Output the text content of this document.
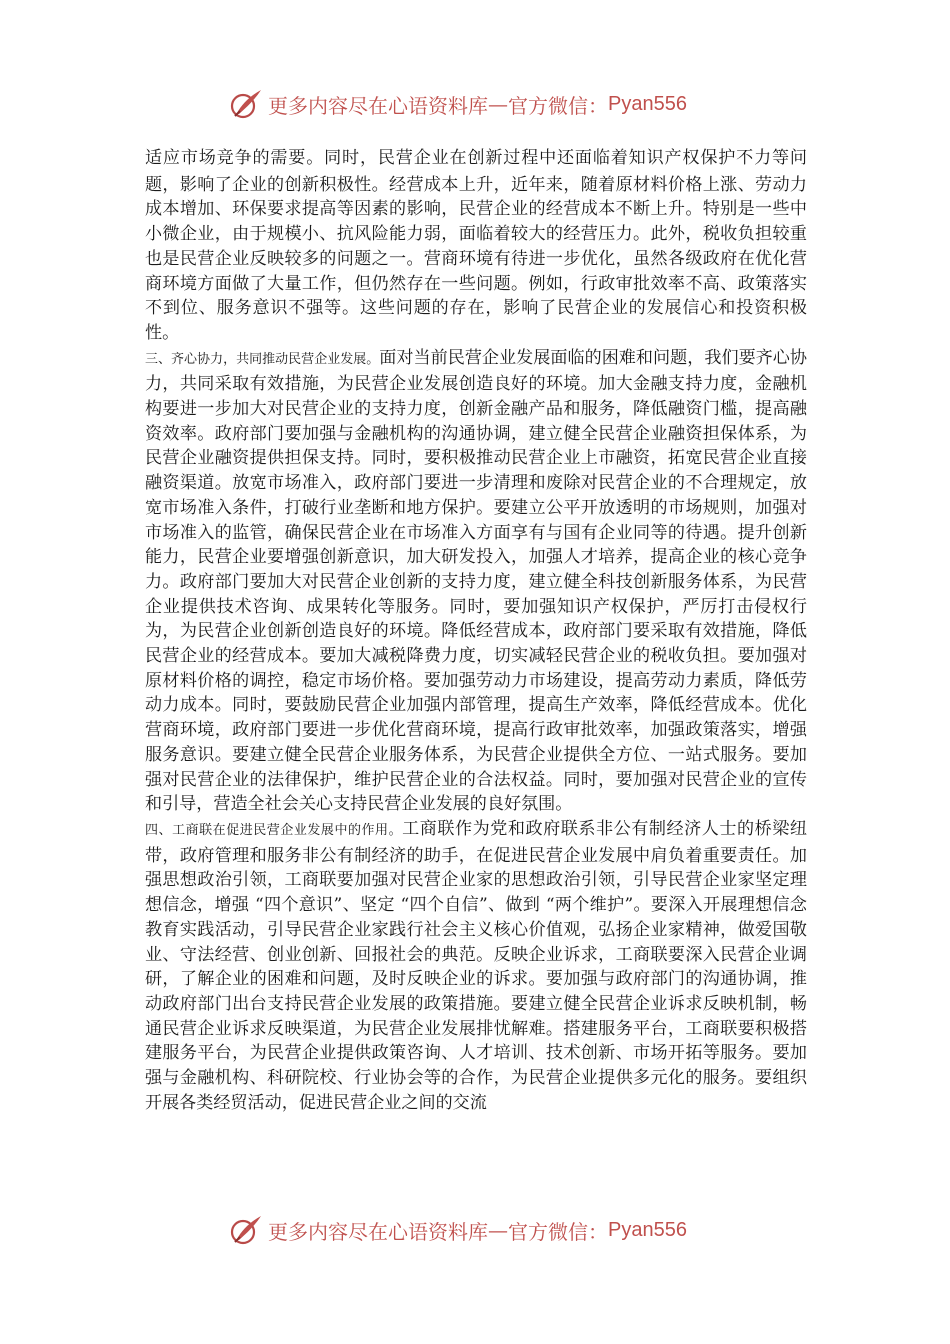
更多内容尽在心语资料库 — 官方微信： Pyan556

适应市场竞争的需要。同时，民营企业在创新过程中还面临着知识产权保护不力等问题，影响了企业的创新积极性。经营成本上升，近年来，随着原材料价格上涨、劳动力成本增加、环保要求提高等因素的影响，民营企业的经营成本不断上升。特别是一些中小微企业，由于规模小、抗风险能力弱，面临着较大的经营压力。此外，税收负担较重也是民营企业反映较多的问题之一。营商环境有待进一步优化，虽然各级政府在优化营商环境方面做了大量工作，但仍然存在一些问题。例如，行政审批效率不高、政策落实不到位、服务意识不强等。这些问题的存在，影响了民营企业的发展信心和投资积极性。

三、齐心协力，共同推动民营企业发展。面对当前民营企业发展面临的困难和问题，我们要齐心协力，共同采取有效措施，为民营企业发展创造良好的环境。加大金融支持力度，金融机构要进一步加大对民营企业的支持力度，创新金融产品和服务，降低融资门槛，提高融资效率。政府部门要加强与金融机构的沟通协调，建立健全民营企业融资担保体系，为民营企业融资提供担保支持。同时，要积极推动民营企业上市融资，拓宽民营企业直接融资渠道。放宽市场准入，政府部门要进一步清理和废除对民营企业的不合理规定，放宽市场准入条件，打破行业垄断和地方保护。要建立公平开放透明的市场规则，加强对市场准入的监管，确保民营企业在市场准入方面享有与国有企业同等的待遇。提升创新能力，民营企业要增强创新意识，加大研发投入，加强人才培养，提高企业的核心竞争力。政府部门要加大对民营企业创新的支持力度，建立健全科技创新服务体系，为民营企业提供技术咨询、成果转化等服务。同时，要加强知识产权保护，严厉打击侵权行为，为民营企业创新创造良好的环境。降低经营成本，政府部门要采取有效措施，降低民营企业的经营成本。要加大减税降费力度，切实减轻民营企业的税收负担。要加强对原材料价格的调控，稳定市场价格。要加强劳动力市场建设，提高劳动力素质，降低劳动力成本。同时，要鼓励民营企业加强内部管理，提高生产效率，降低经营成本。优化营商环境，政府部门要进一步优化营商环境，提高行政审批效率，加强政策落实，增强服务意识。要建立健全民营企业服务体系，为民营企业提供全方位、一站式服务。要加强对民营企业的法律保护，维护民营企业的合法权益。同时，要加强对民营企业的宣传和引导，营造全社会关心支持民营企业发展的良好氛围。

四、工商联在促进民营企业发展中的作用。工商联作为党和政府联系非公有制经济人士的桥梁纽带，政府管理和服务非公有制经济的助手，在促进民营企业发展中肩负着重要责任。加强思想政治引领，工商联要加强对民营企业家的思想政治引领，引导民营企业家坚定理想信念，增强 “四个意识”、坚定 “四个自信”、做到 “两个维护”。要深入开展理想信念教育实践活动，引导民营企业家践行社会主义核心价值观，弘扬企业家精神，做爱国敬业、守法经营、创业创新、回报社会的典范。反映企业诉求，工商联要深入民营企业调研，了解企业的困难和问题，及时反映企业的诉求。要加强与政府部门的沟通协调，推动政府部门出台支持民营企业发展的政策措施。要建立健全民营企业诉求反映机制，畅通民营企业诉求反映渠道，为民营企业发展排忧解难。搭建服务平台，工商联要积极搭建服务平台，为民营企业提供政策咨询、人才培训、技术创新、市场开拓等服务。要加强与金融机构、科研院校、行业协会等的合作，为民营企业提供多元化的服务。要组织开展各类经贸活动，促进民营企业之间的交流

更多内容尽在心语资料库 — 官方微信： Pyan556
